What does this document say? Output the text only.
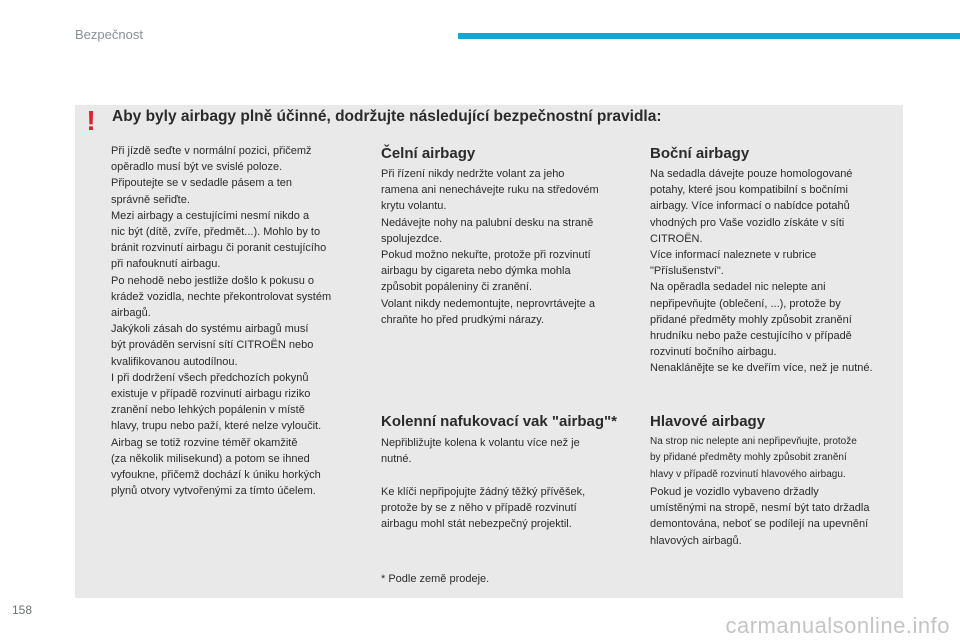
Bezpečnost
! Aby byly airbagy plně účinné, dodržujte následující bezpečnostní pravidla:
Při jízdě seďte v normální pozici, přičemž
opěradlo musí být ve svislé poloze.
Připoutejte se v sedadle pásem a ten
správně seřiďte.
Mezi airbagy a cestujícími nesmí nikdo a
nic být (dítě, zvíře, předmět...). Mohlo by to
bránit rozvinutí airbagu či poranit cestujícího
při nafouknutí airbagu.
Po nehodě nebo jestliže došlo k pokusu o
krádež vozidla, nechte překontrolovat systém
airbagů.
Jakýkoli zásah do systému airbagů musí
být prováděn servisní sítí CITROËN nebo
kvalifikovanou autodílnou.
I při dodržení všech předchozích pokynů
existuje v případě rozvinutí airbagu riziko
zranění nebo lehkých popálenin v místě
hlavy, trupu nebo paží, které nelze vyloučit.
Airbag se totiž rozvine téměř okamžitě
(za několik milisekund) a potom se ihned
vyfoukne, přičemž dochází k úniku horkých
plynů otvory vytvořenými za tímto účelem.
Čelní airbagy
Při řízení nikdy nedržte volant za jeho
ramena ani nenechávejte ruku na středovém
krytu volantu.
Nedávejte nohy na palubní desku na straně
spolujezdce.
Pokud možno nekuřte, protože při rozvinutí
airbagu by cigareta nebo dýmka mohla
způsobit popáleniny či zranění.
Volant nikdy nedemontujte, neprovrtávejte a
chraňte ho před prudkými nárazy.
Boční airbagy
Na sedadla dávejte pouze homologované
potahy, které jsou kompatibilní s bočními
airbagy. Více informací o nabídce potahů
vhodných pro Vaše vozidlo získáte v síti
CITROËN.
Více informací naleznete v rubrice
"Příslušenství".
Na opěradla sedadel nic nelepte ani
nepřipevňujte (oblečení, ...), protože by
přidané předměty mohly způsobit zranění
hrudníku nebo paže cestujícího v případě
rozvinutí bočního airbagu.
Nenaklánějte se ke dveřím více, než je nutné.
Kolenní nafukovací vak "airbag"*
Nepřibližujte kolena k volantu více než je
nutné.
Ke klíči nepřipojujte žádný těžký přívěšek,
protože by se z něho v případě rozvinutí
airbagu mohl stát nebezpečný projektil.
* Podle země prodeje.
Hlavové airbagy
Na strop nic nelepte ani nepřipevňujte, protože
by přidané předměty mohly způsobit zranění
hlavy v případě rozvinutí hlavového airbagu.
Pokud je vozidlo vybaveno držadly
umístěnými na stropě, nesmí být tato držadla
demontována, neboť se podílejí na upevnění
hlavových airbagů.
158
carmanualsonline.info
